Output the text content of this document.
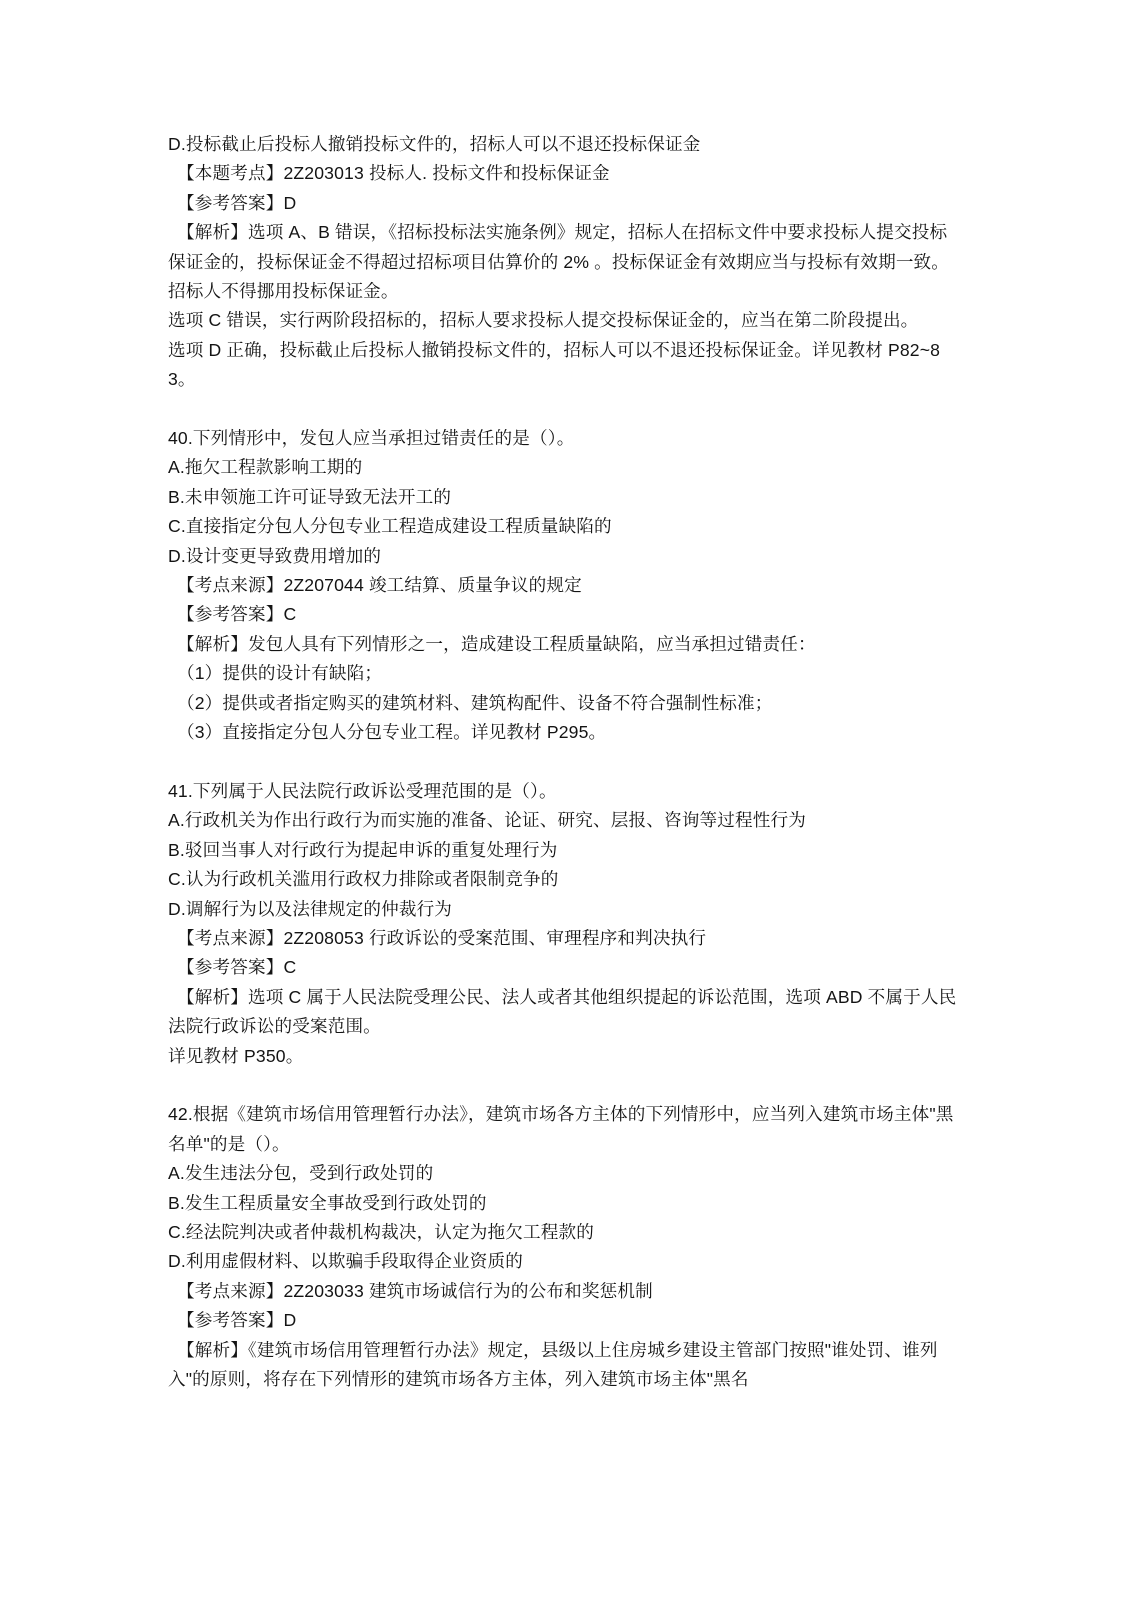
D.投标截止后投标人撤销投标文件的，招标人可以不退还投标保证金

【本题考点】2Z203013 投标人. 投标文件和投标保证金

【参考答案】D

【解析】选项 A、B 错误，《招标投标法实施条例》规定，招标人在招标文件中要求投标人提交投标保证金的，投标保证金不得超过招标项目估算价的 2% 。投标保证金有效期应当与投标有效期一致。招标人不得挪用投标保证金。

选项 C 错误，实行两阶段招标的，招标人要求投标人提交投标保证金的，应当在第二阶段提出。

选项 D 正确，投标截止后投标人撤销投标文件的，招标人可以不退还投标保证金。详见教材 P82~83。

40.下列情形中，发包人应当承担过错责任的是（）。

A.拖欠工程款影响工期的

B.未申领施工许可证导致无法开工的

C.直接指定分包人分包专业工程造成建设工程质量缺陷的

D.设计变更导致费用增加的

【考点来源】2Z207044 竣工结算、质量争议的规定

【参考答案】C

【解析】发包人具有下列情形之一，造成建设工程质量缺陷，应当承担过错责任：

（1）提供的设计有缺陷；

（2）提供或者指定购买的建筑材料、建筑构配件、设备不符合强制性标准；

（3）直接指定分包人分包专业工程。详见教材 P295。

41.下列属于人民法院行政诉讼受理范围的是（）。

A.行政机关为作出行政行为而实施的准备、论证、研究、层报、咨询等过程性行为

B.驳回当事人对行政行为提起申诉的重复处理行为

C.认为行政机关滥用行政权力排除或者限制竞争的

D.调解行为以及法律规定的仲裁行为

【考点来源】2Z208053 行政诉讼的受案范围、审理程序和判决执行

【参考答案】C

【解析】选项 C 属于人民法院受理公民、法人或者其他组织提起的诉讼范围，选项 ABD 不属于人民法院行政诉讼的受案范围。

详见教材 P350。

42.根据《建筑市场信用管理暂行办法》，建筑市场各方主体的下列情形中，应当列入建筑市场主体"黑名单"的是（）。

A.发生违法分包，受到行政处罚的

B.发生工程质量安全事故受到行政处罚的

C.经法院判决或者仲裁机构裁决，认定为拖欠工程款的

D.利用虚假材料、以欺骗手段取得企业资质的

【考点来源】2Z203033 建筑市场诚信行为的公布和奖惩机制

【参考答案】D

【解析】《建筑市场信用管理暂行办法》规定，县级以上住房城乡建设主管部门按照"谁处罚、谁列入"的原则，将存在下列情形的建筑市场各方主体，列入建筑市场主体"黑名
